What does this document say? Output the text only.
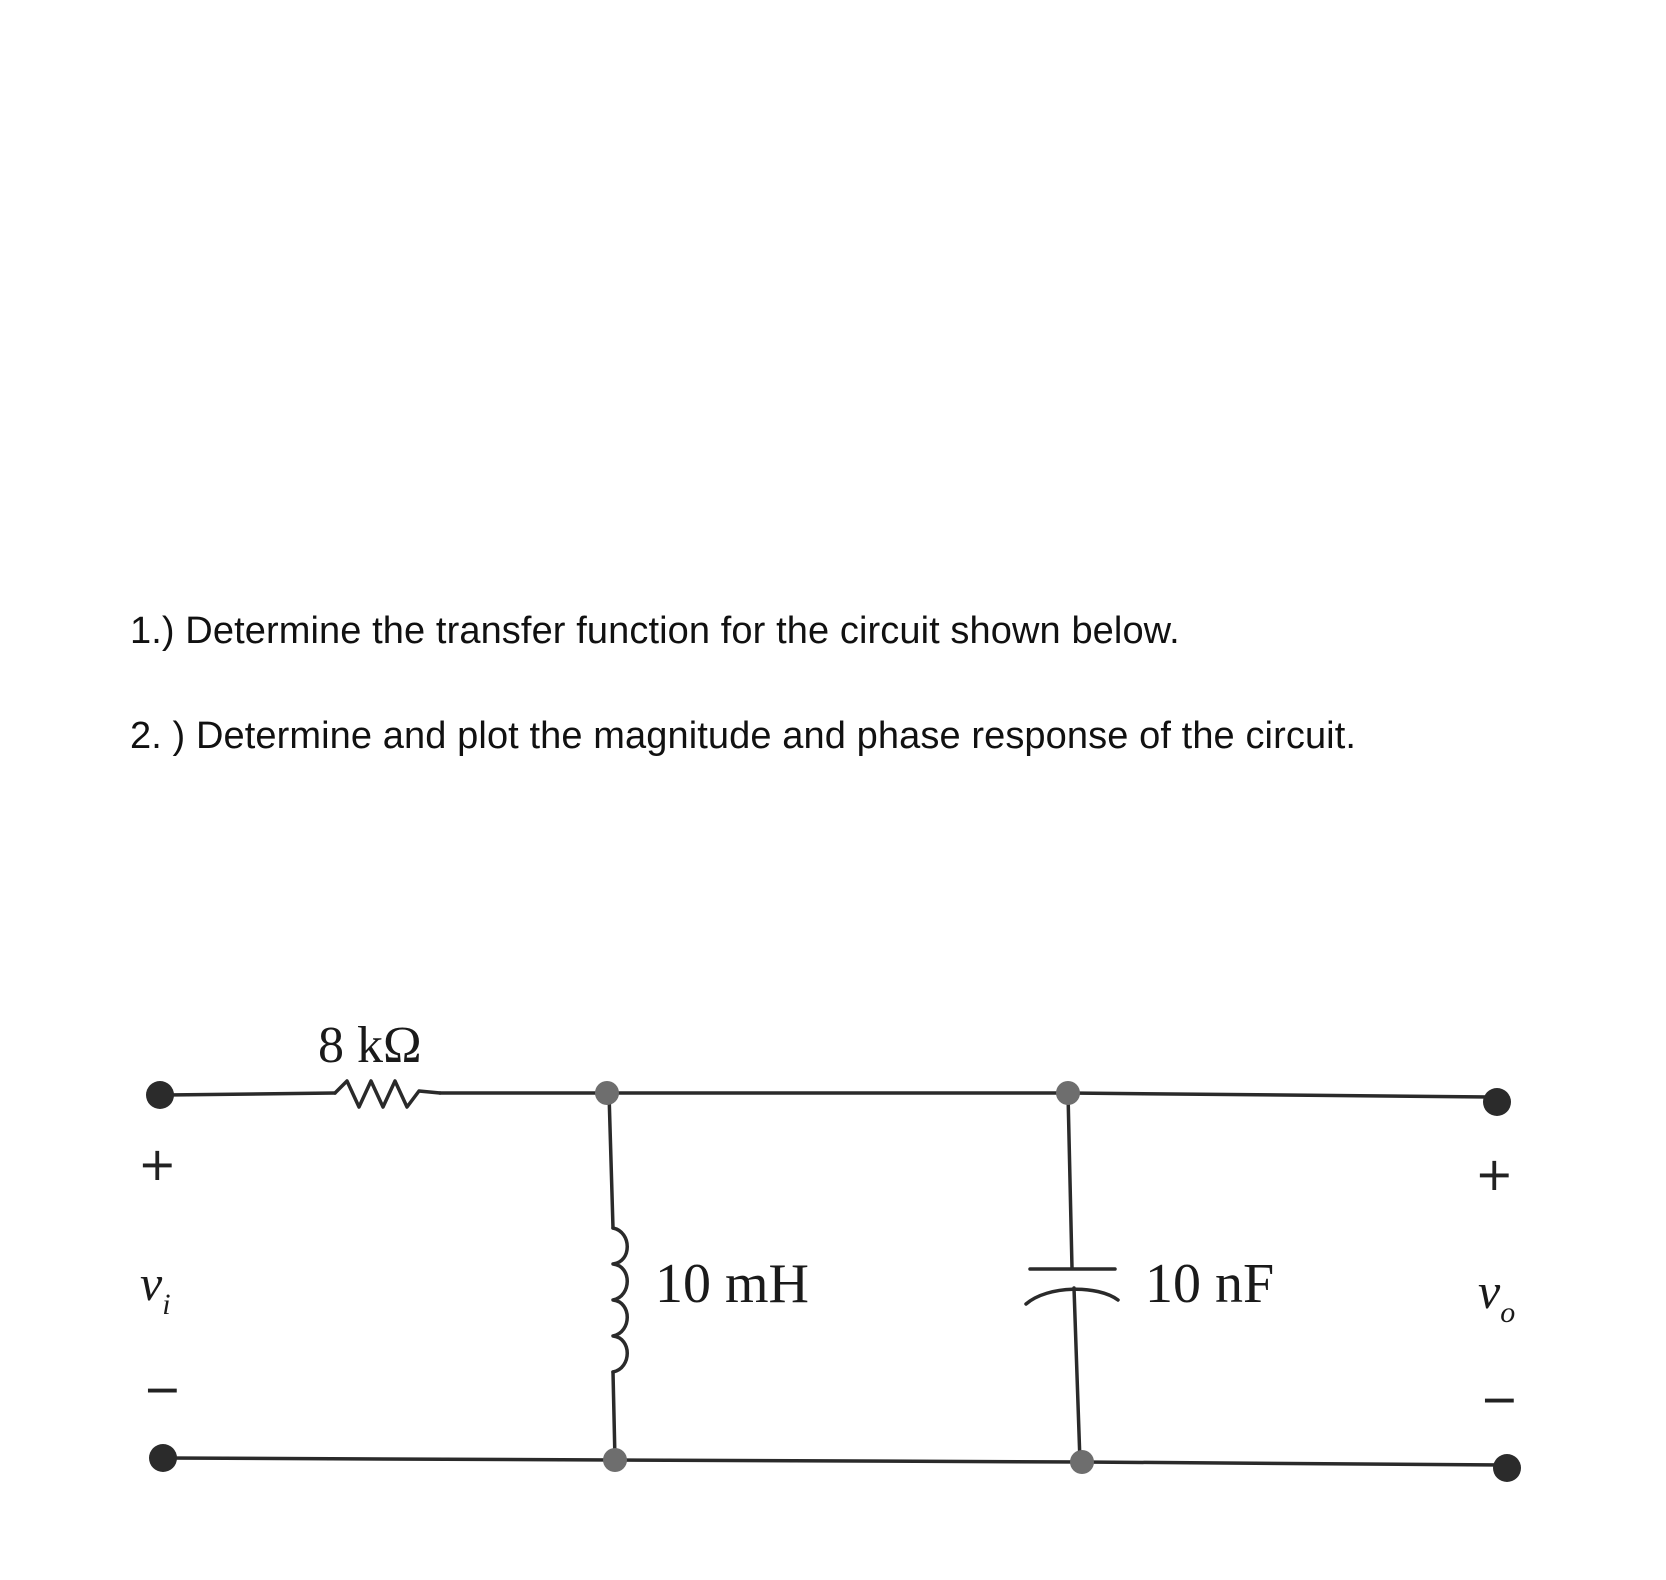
1.) Determine the transfer function for the circuit shown below.
2. ) Determine and plot the magnitude and phase response of the circuit.
8 kΩ
10 mH	10 nF
+
$v_i$
−
+
$v_o$
−
